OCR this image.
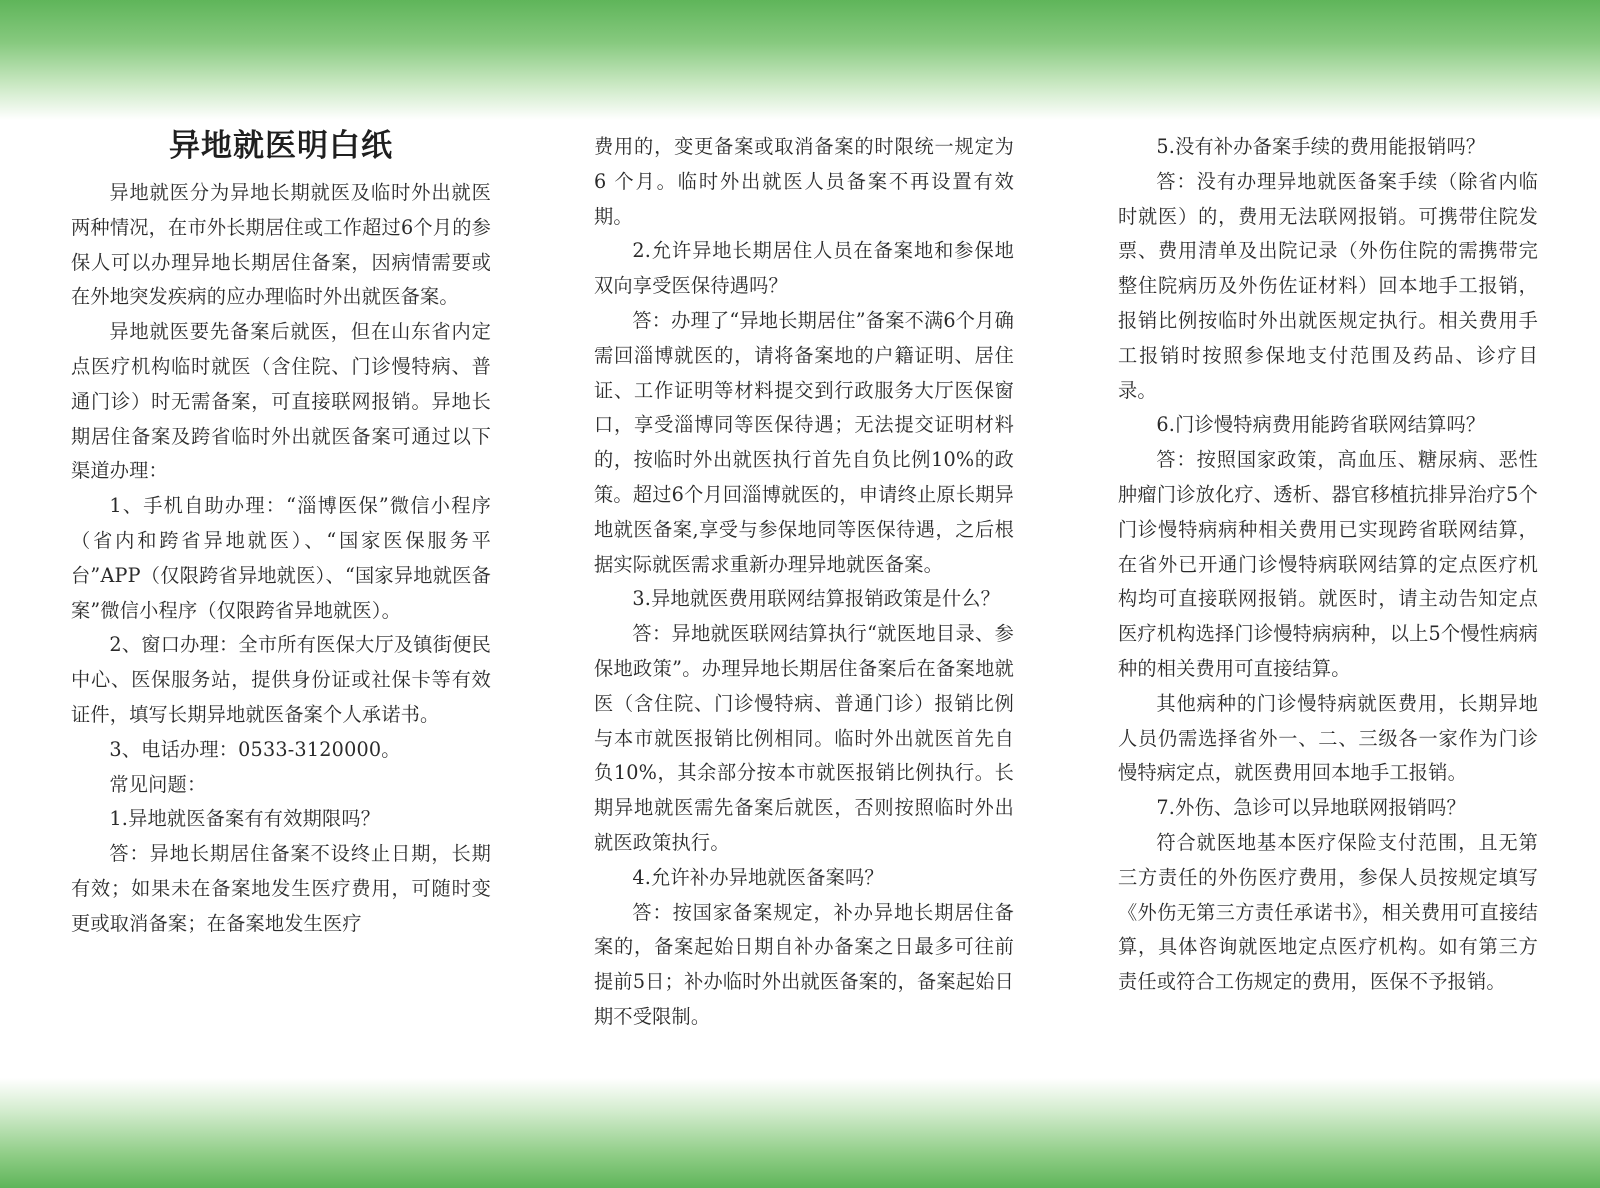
异地就医明白纸

异地就医分为异地长期就医及临时外出就医两种情况，在市外长期居住或工作超过6个月的参保人可以办理异地长期居住备案，因病情需要或在外地突发疾病的应办理临时外出就医备案。

异地就医要先备案后就医，但在山东省内定点医疗机构临时就医（含住院、门诊慢特病、普通门诊）时无需备案，可直接联网报销。异地长期居住备案及跨省临时外出就医备案可通过以下渠道办理：

1、手机自助办理：“淄博医保”微信小程序（省内和跨省异地就医）、“国家医保服务平台”APP（仅限跨省异地就医）、“国家异地就医备案”微信小程序（仅限跨省异地就医）。

2、窗口办理：全市所有医保大厅及镇街便民中心、医保服务站，提供身份证或社保卡等有效证件，填写长期异地就医备案个人承诺书。

3、电话办理：0533-3120000。

常见问题：

1.异地就医备案有有效期限吗？

答：异地长期居住备案不设终止日期，长期有效；如果未在备案地发生医疗费用，可随时变更或取消备案；在备案地发生医疗

费用的，变更备案或取消备案的时限统一规定为 6 个月。临时外出就医人员备案不再设置有效期。

2.允许异地长期居住人员在备案地和参保地双向享受医保待遇吗？

答：办理了“异地长期居住”备案不满6个月确需回淄博就医的，请将备案地的户籍证明、居住证、工作证明等材料提交到行政服务大厅医保窗口，享受淄博同等医保待遇；无法提交证明材料的，按临时外出就医执行首先自负比例10%的政策。超过6个月回淄博就医的，申请终止原长期异地就医备案,享受与参保地同等医保待遇，之后根据实际就医需求重新办理异地就医备案。

3.异地就医费用联网结算报销政策是什么？

答：异地就医联网结算执行“就医地目录、参保地政策”。办理异地长期居住备案后在备案地就医（含住院、门诊慢特病、普通门诊）报销比例与本市就医报销比例相同。临时外出就医首先自负10%，其余部分按本市就医报销比例执行。长期异地就医需先备案后就医，否则按照临时外出就医政策执行。

4.允许补办异地就医备案吗？

答：按国家备案规定，补办异地长期居住备案的，备案起始日期自补办备案之日最多可往前提前5日；补办临时外出就医备案的，备案起始日期不受限制。

5.没有补办备案手续的费用能报销吗？

答：没有办理异地就医备案手续（除省内临时就医）的，费用无法联网报销。可携带住院发票、费用清单及出院记录（外伤住院的需携带完整住院病历及外伤佐证材料）回本地手工报销，报销比例按临时外出就医规定执行。相关费用手工报销时按照参保地支付范围及药品、诊疗目录。

6.门诊慢特病费用能跨省联网结算吗？

答：按照国家政策，高血压、糖尿病、恶性肿瘤门诊放化疗、透析、器官移植抗排异治疗5个门诊慢特病病种相关费用已实现跨省联网结算，在省外已开通门诊慢特病联网结算的定点医疗机构均可直接联网报销。就医时，请主动告知定点医疗机构选择门诊慢特病病种，以上5个慢性病病种的相关费用可直接结算。

其他病种的门诊慢特病就医费用，长期异地人员仍需选择省外一、二、三级各一家作为门诊慢特病定点，就医费用回本地手工报销。

7.外伤、急诊可以异地联网报销吗？

符合就医地基本医疗保险支付范围，且无第三方责任的外伤医疗费用，参保人员按规定填写《外伤无第三方责任承诺书》，相关费用可直接结算，具体咨询就医地定点医疗机构。如有第三方责任或符合工伤规定的费用，医保不予报销。
